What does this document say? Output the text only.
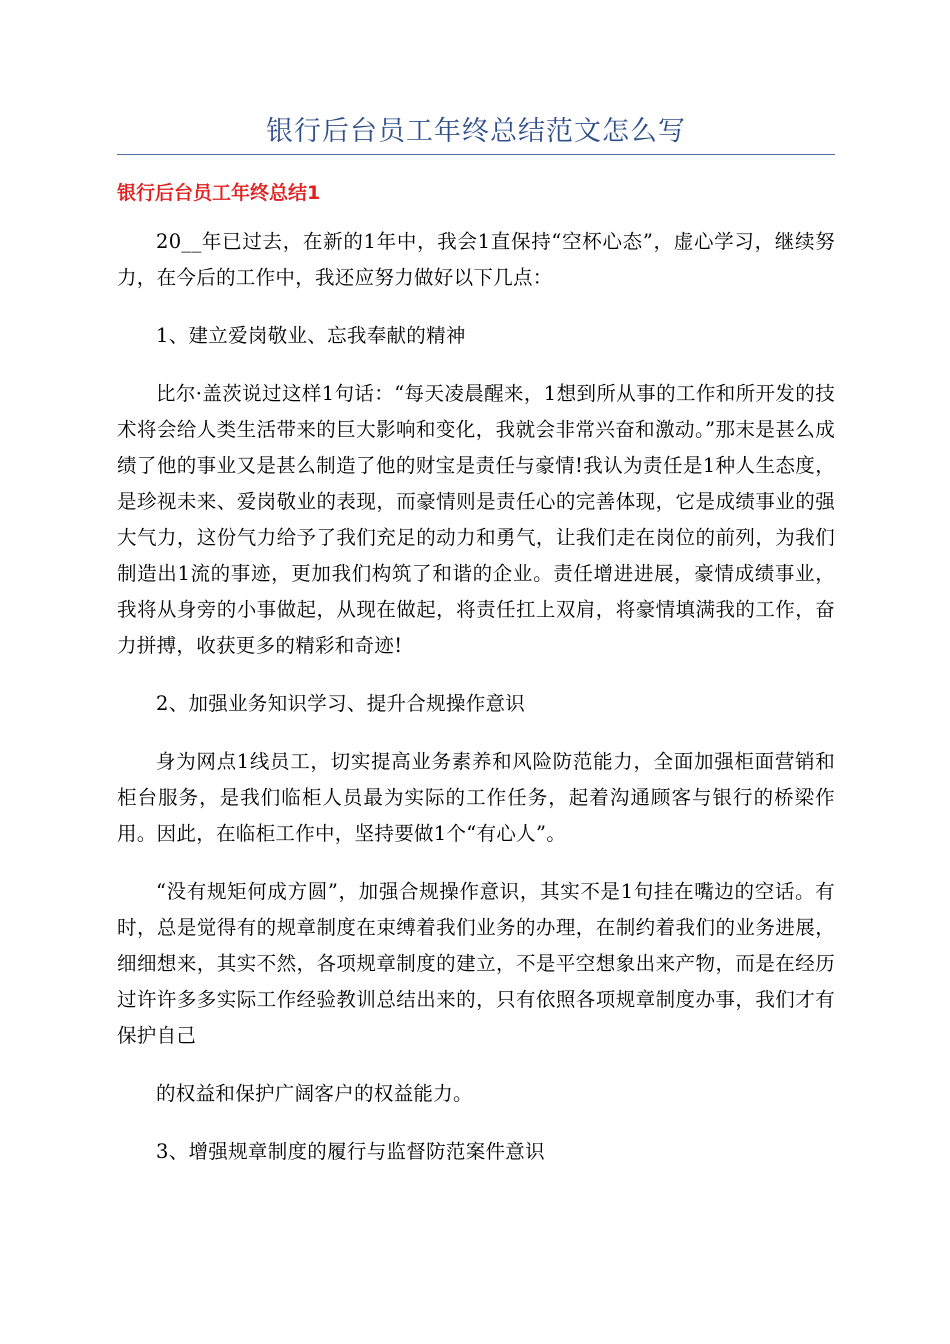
银行后台员工年终总结范文怎么写
银行后台员工年终总结1

20__年已过去，在新的1年中，我会1直保持“空杯心态”，虚心学习，继续努力，在今后的工作中，我还应努力做好以下几点：

1、建立爱岗敬业、忘我奉献的精神

比尔·盖茨说过这样1句话：“每天凌晨醒来，1想到所从事的工作和所开发的技术将会给人类生活带来的巨大影响和变化，我就会非常兴奋和激动。”那末是甚么成绩了他的事业又是甚么制造了他的财宝是责任与豪情!我认为责任是1种人生态度，是珍视未来、爱岗敬业的表现，而豪情则是责任心的完善体现，它是成绩事业的强大气力，这份气力给予了我们充足的动力和勇气，让我们走在岗位的前列，为我们制造出1流的事迹，更加我们构筑了和谐的企业。责任增进进展，豪情成绩事业，我将从身旁的小事做起，从现在做起，将责任扛上双肩，将豪情填满我的工作，奋力拼搏，收获更多的精彩和奇迹!

2、加强业务知识学习、提升合规操作意识

身为网点1线员工，切实提高业务素养和风险防范能力，全面加强柜面营销和柜台服务，是我们临柜人员最为实际的工作任务，起着沟通顾客与银行的桥梁作用。因此，在临柜工作中，坚持要做1个“有心人”。

“没有规矩何成方圆”，加强合规操作意识，其实不是1句挂在嘴边的空话。有时，总是觉得有的规章制度在束缚着我们业务的办理，在制约着我们的业务进展，细细想来，其实不然，各项规章制度的建立，不是平空想象出来产物，而是在经历过许许多多实际工作经验教训总结出来的，只有依照各项规章制度办事，我们才有保护自己

的权益和保护广阔客户的权益能力。

3、增强规章制度的履行与监督防范案件意识
